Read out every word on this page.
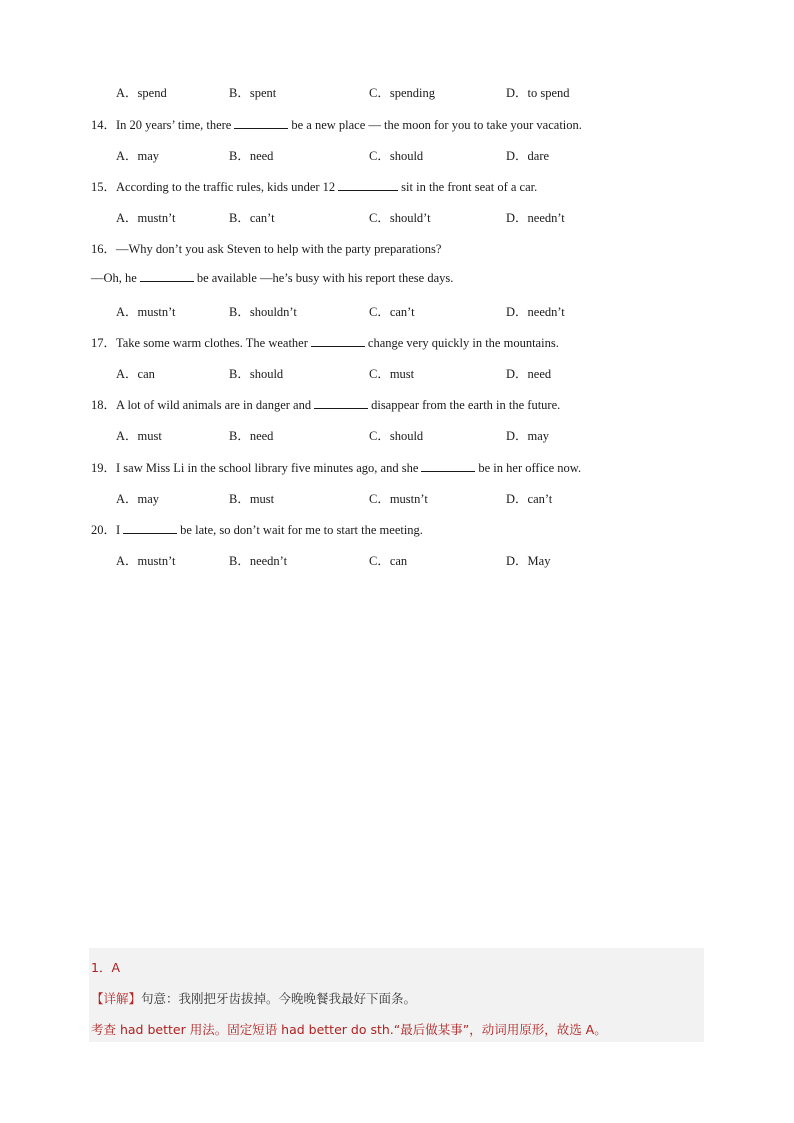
A．spend	B．spent	C．spending	D．to spend
14．In 20 years’ time, there	be a new place — the moon for you to take your vacation.
A．may	B．need	C．should	D．dare
15．According to the traffic rules, kids under 12	sit in the front seat of a car.
A．mustn’t	B．can’t	C．should’t	D．needn’t
16．—Why don’t you ask Steven to help with the party preparations?
—Oh, he	be available —he’s busy with his report these days.
A．mustn’t	B．shouldn’t	C．can’t	D．needn’t
17．Take some warm clothes. The weather	change very quickly in the mountains.
A．can	B．should	C．must	D．need
18．A lot of wild animals are in danger and	disappear from the earth in the future.
A．must	B．need	C．should	D．may
19．I saw Miss Li in the school library five minutes ago, and she	be in her office now.
A．may	B．must	C．mustn’t	D．can’t
20．I	be late, so don’t wait for me to start the meeting.
A．mustn’t	B．needn’t	C．can	D．May
1．A
【详解】句意：我刚把牙齿拔掉。今晚晚餐我最好下面条。
考查 had better 用法。固定短语 had better do sth.“最后做某事”，动词用原形，故选 A。
